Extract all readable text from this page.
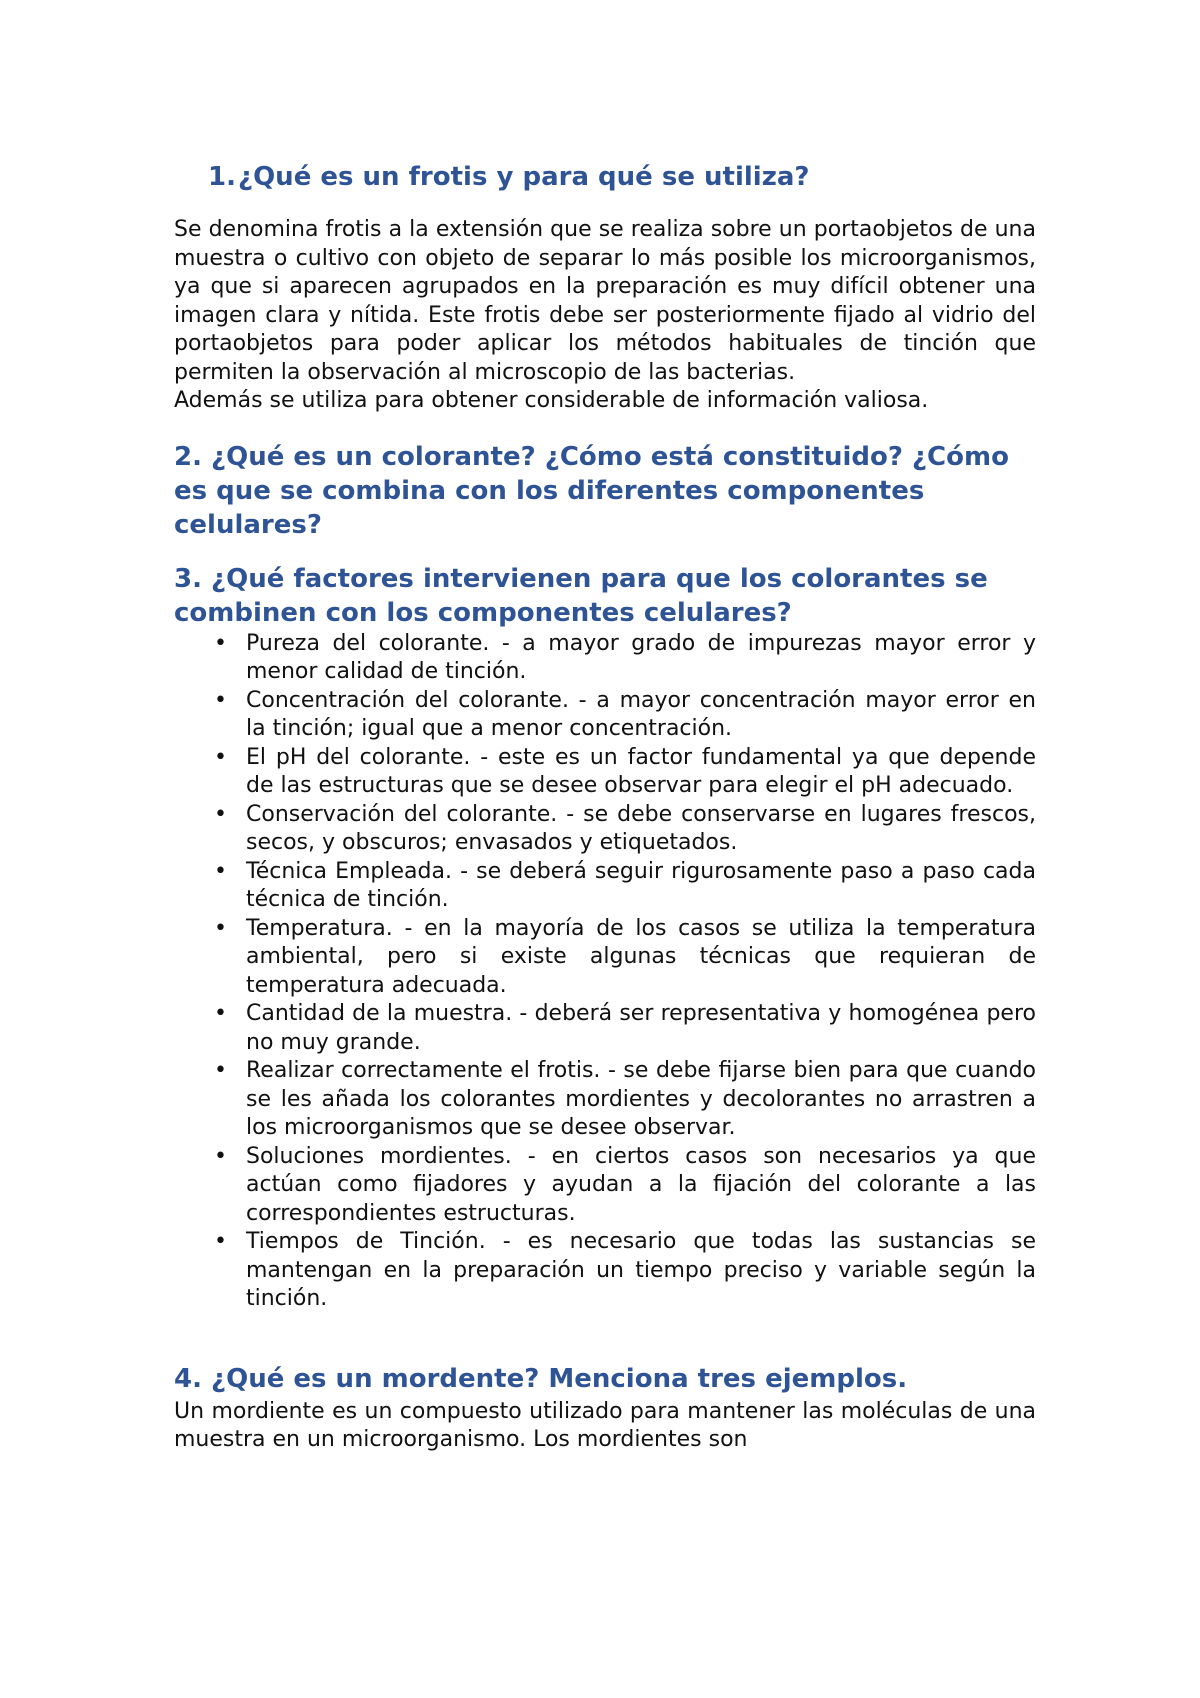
1.¿Qué es un frotis y para qué se utiliza?

Se denomina frotis a la extensión que se realiza sobre un portaobjetos de una muestra o cultivo con objeto de separar lo más posible los microorganismos, ya que si aparecen agrupados en la preparación es muy difícil obtener una imagen clara y nítida. Este frotis debe ser posteriormente fijado al vidrio del portaobjetos para poder aplicar los métodos habituales de tinción que permiten la observación al microscopio de las bacterias.
Además se utiliza para obtener considerable de información valiosa.

2. ¿Qué es un colorante? ¿Cómo está constituido? ¿Cómo es que se combina con los diferentes componentes celulares?
3. ¿Qué factores intervienen para que los colorantes se combinen con los componentes celulares?
• Pureza del colorante. - a mayor grado de impurezas mayor error y menor calidad de tinción.
• Concentración del colorante. - a mayor concentración mayor error en la tinción; igual que a menor concentración.
• El pH del colorante. - este es un factor fundamental ya que depende de las estructuras que se desee observar para elegir el pH adecuado.
• Conservación del colorante. - se debe conservarse en lugares frescos, secos, y obscuros; envasados y etiquetados.
• Técnica Empleada. - se deberá seguir rigurosamente paso a paso cada técnica de tinción.
• Temperatura. - en la mayoría de los casos se utiliza la temperatura ambiental, pero si existe algunas técnicas que requieran de temperatura adecuada.
• Cantidad de la muestra. - deberá ser representativa y homogénea pero no muy grande.
• Realizar correctamente el frotis. - se debe fijarse bien para que cuando se les añada los colorantes mordientes y decolorantes no arrastren a los microorganismos que se desee observar.
• Soluciones mordientes. - en ciertos casos son necesarios ya que actúan como fijadores y ayudan a la fijación del colorante a las correspondientes estructuras.
• Tiempos de Tinción. - es necesario que todas las sustancias se mantengan en la preparación un tiempo preciso y variable según la tinción.
4. ¿Qué es un mordente? Menciona tres ejemplos.

Un mordiente es un compuesto utilizado para mantener las moléculas de una muestra en un microorganismo. Los mordientes son
